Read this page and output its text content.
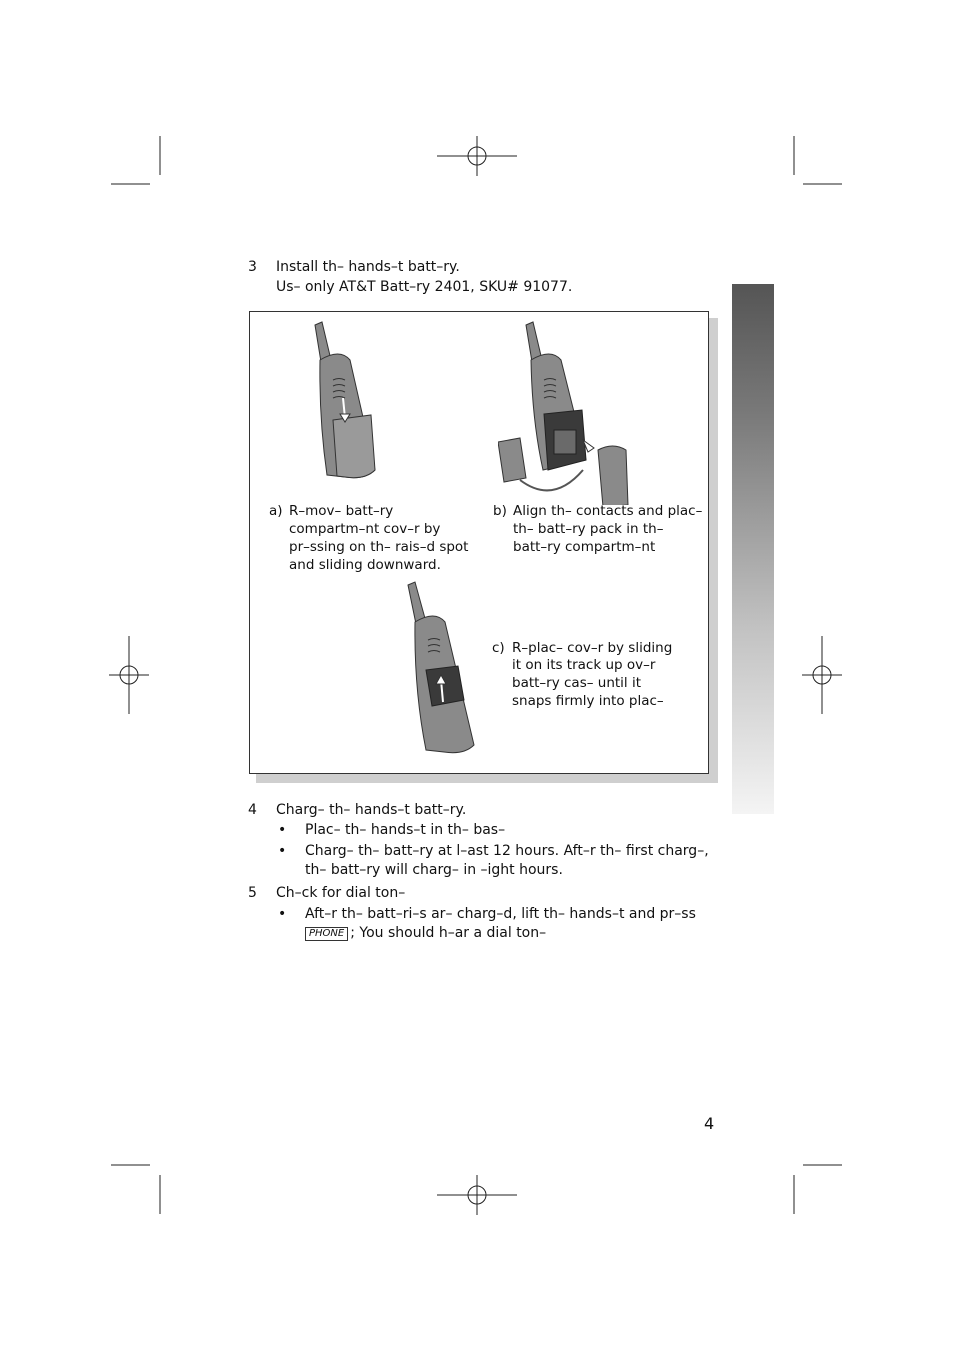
3 Install th– hands–t batt–ry.
Us– only AT&T Batt–ry 2401, SKU# 91077.
a) R–mov– batt–ry
compartm–nt cov–r by
pr–ssing on th– rais–d spot
and sliding downward.
b) Align th– contacts and plac–
th– batt–ry pack in th–
batt–ry compartm–nt
c) R–plac– cov–r by sliding
it on its track up ov–r
batt–ry cas– until it
snaps firmly into plac–
4 Charg– th– hands–t batt–ry.
• Plac– th– hands–t in th– bas–
• Charg– th– batt–ry at l–ast 12 hours. Aft–r th– first charg–,
th– batt–ry will charg– in –ight hours.
5 Ch–ck for dial ton–
• Aft–r th– batt–ri–s ar– charg–d, lift th– hands–t and pr–ss
PHONE ; You should h–ar a dial ton–
4
